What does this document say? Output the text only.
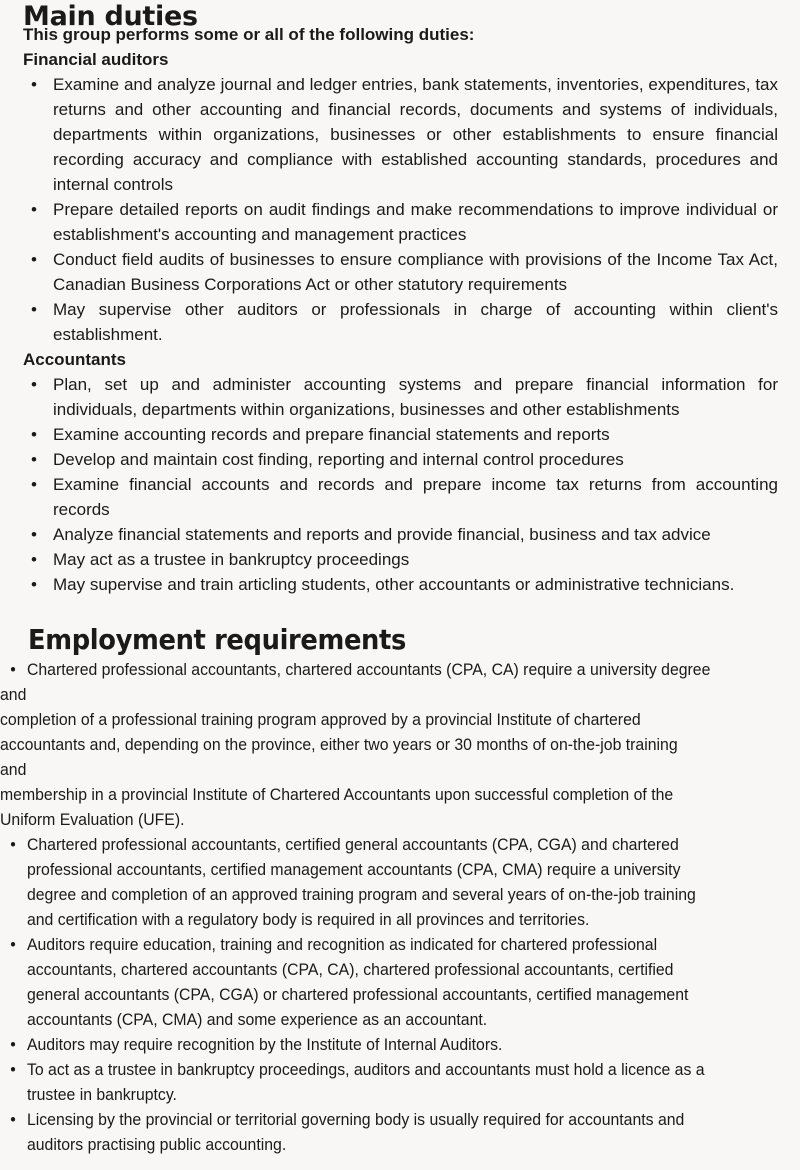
Main duties

This group performs some or all of the following duties:

Financial auditors

• Examine and analyze journal and ledger entries, bank statements, inventories, expenditures, tax returns and other accounting and financial records, documents and systems of individuals, departments within organizations, businesses or other establishments to ensure financial recording accuracy and compliance with established accounting standards, procedures and internal controls
• Prepare detailed reports on audit findings and make recommendations to improve individual or establishment's accounting and management practices
• Conduct field audits of businesses to ensure compliance with provisions of the Income Tax Act, Canadian Business Corporations Act or other statutory requirements
• May supervise other auditors or professionals in charge of accounting within client's establishment.

Accountants

• Plan, set up and administer accounting systems and prepare financial information for individuals, departments within organizations, businesses and other establishments
• Examine accounting records and prepare financial statements and reports
• Develop and maintain cost finding, reporting and internal control procedures
• Examine financial accounts and records and prepare income tax returns from accounting records
• Analyze financial statements and reports and provide financial, business and tax advice
• May act as a trustee in bankruptcy proceedings
• May supervise and train articling students, other accountants or administrative technicians.
Employment requirements
• Chartered professional accountants, chartered accountants (CPA, CA) require a university degree
and
completion of a professional training program approved by a provincial Institute of chartered
accountants and, depending on the province, either two years or 30 months of on-the-job training
and
membership in a provincial Institute of Chartered Accountants upon successful completion of the
Uniform Evaluation (UFE).
• Chartered professional accountants, certified general accountants (CPA, CGA) and chartered
professional accountants, certified management accountants (CPA, CMA) require a university
degree and completion of an approved training program and several years of on-the-job training
and certification with a regulatory body is required in all provinces and territories.
• Auditors require education, training and recognition as indicated for chartered professional
accountants, chartered accountants (CPA, CA), chartered professional accountants, certified
general accountants (CPA, CGA) or chartered professional accountants, certified management
accountants (CPA, CMA) and some experience as an accountant.
• Auditors may require recognition by the Institute of Internal Auditors.
• To act as a trustee in bankruptcy proceedings, auditors and accountants must hold a licence as a
trustee in bankruptcy.
• Licensing by the provincial or territorial governing body is usually required for accountants and
auditors practising public accounting.
